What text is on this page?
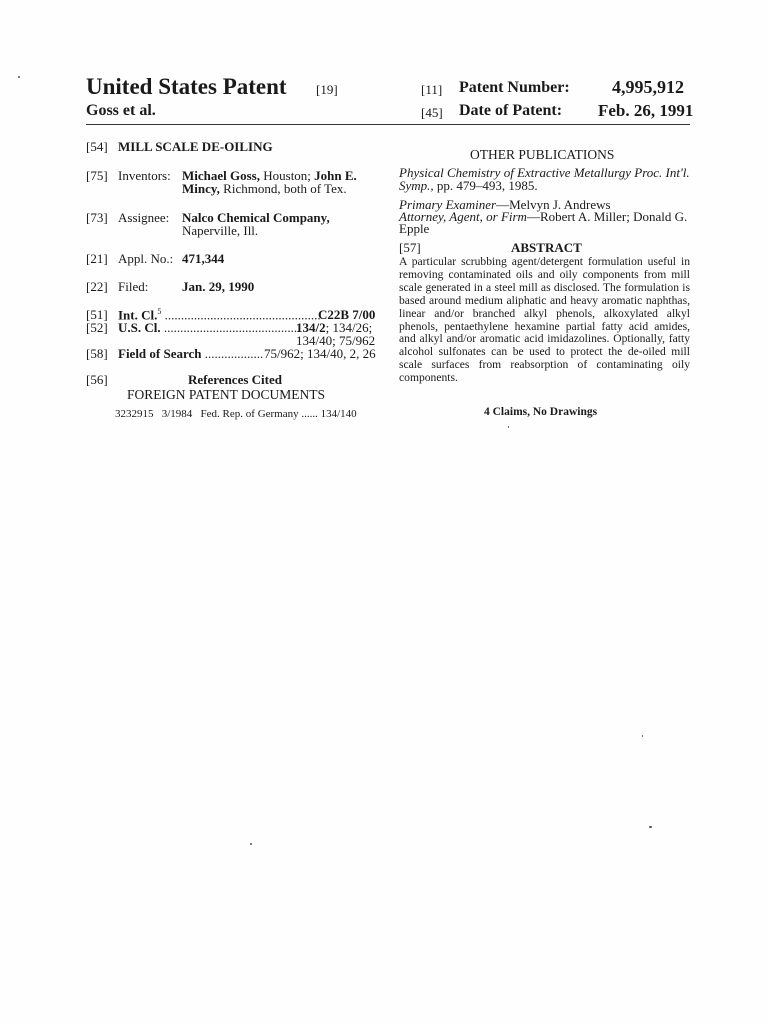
United States Patent [19]
Goss et al.
[11] Patent Number: 4,995,912
[45] Date of Patent: Feb. 26, 1991
[54] MILL SCALE DE-OILING
[75] Inventors: Michael Goss, Houston; John E.
Mincy, Richmond, both of Tex.
[73] Assignee: Nalco Chemical Company,
Naperville, Ill.
[21] Appl. No.: 471,344
[22] Filed:	Jan. 29, 1990
[51] Int. Cl.$^5$ ................................................
C22B 7/00
[52] U.S. Cl. ..........................................
134/2; 134/26;
134/40; 75/962
[58] Field of Search .................. 75/962; 134/40, 2, 26
[56]	References Cited
FOREIGN PATENT DOCUMENTS
3232915   3/1984   Fed. Rep. of Germany ...... 134/140
OTHER PUBLICATIONS
Physical Chemistry of Extractive Metallurgy Proc. Int'l.
Symp., pp. 479–493, 1985.
Primary Examiner—Melvyn J. Andrews
Attorney, Agent, or Firm—Robert A. Miller; Donald G.
Epple
[57]	ABSTRACT
A particular scrubbing agent/detergent formulation useful in removing contaminated oils and oily components from mill scale generated in a steel mill as disclosed. The formulation is based around medium aliphatic and heavy aromatic naphthas, linear and/or branched alkyl phenols, alkoxylated alkyl phenols, pentaethylene hexamine partial fatty acid amides, and alkyl and/or aromatic acid imidazolines. Optionally, fatty alcohol sulfonates can be used to protect the de-oiled mill scale surfaces from reabsorption of contaminating oily components.
4 Claims, No Drawings
